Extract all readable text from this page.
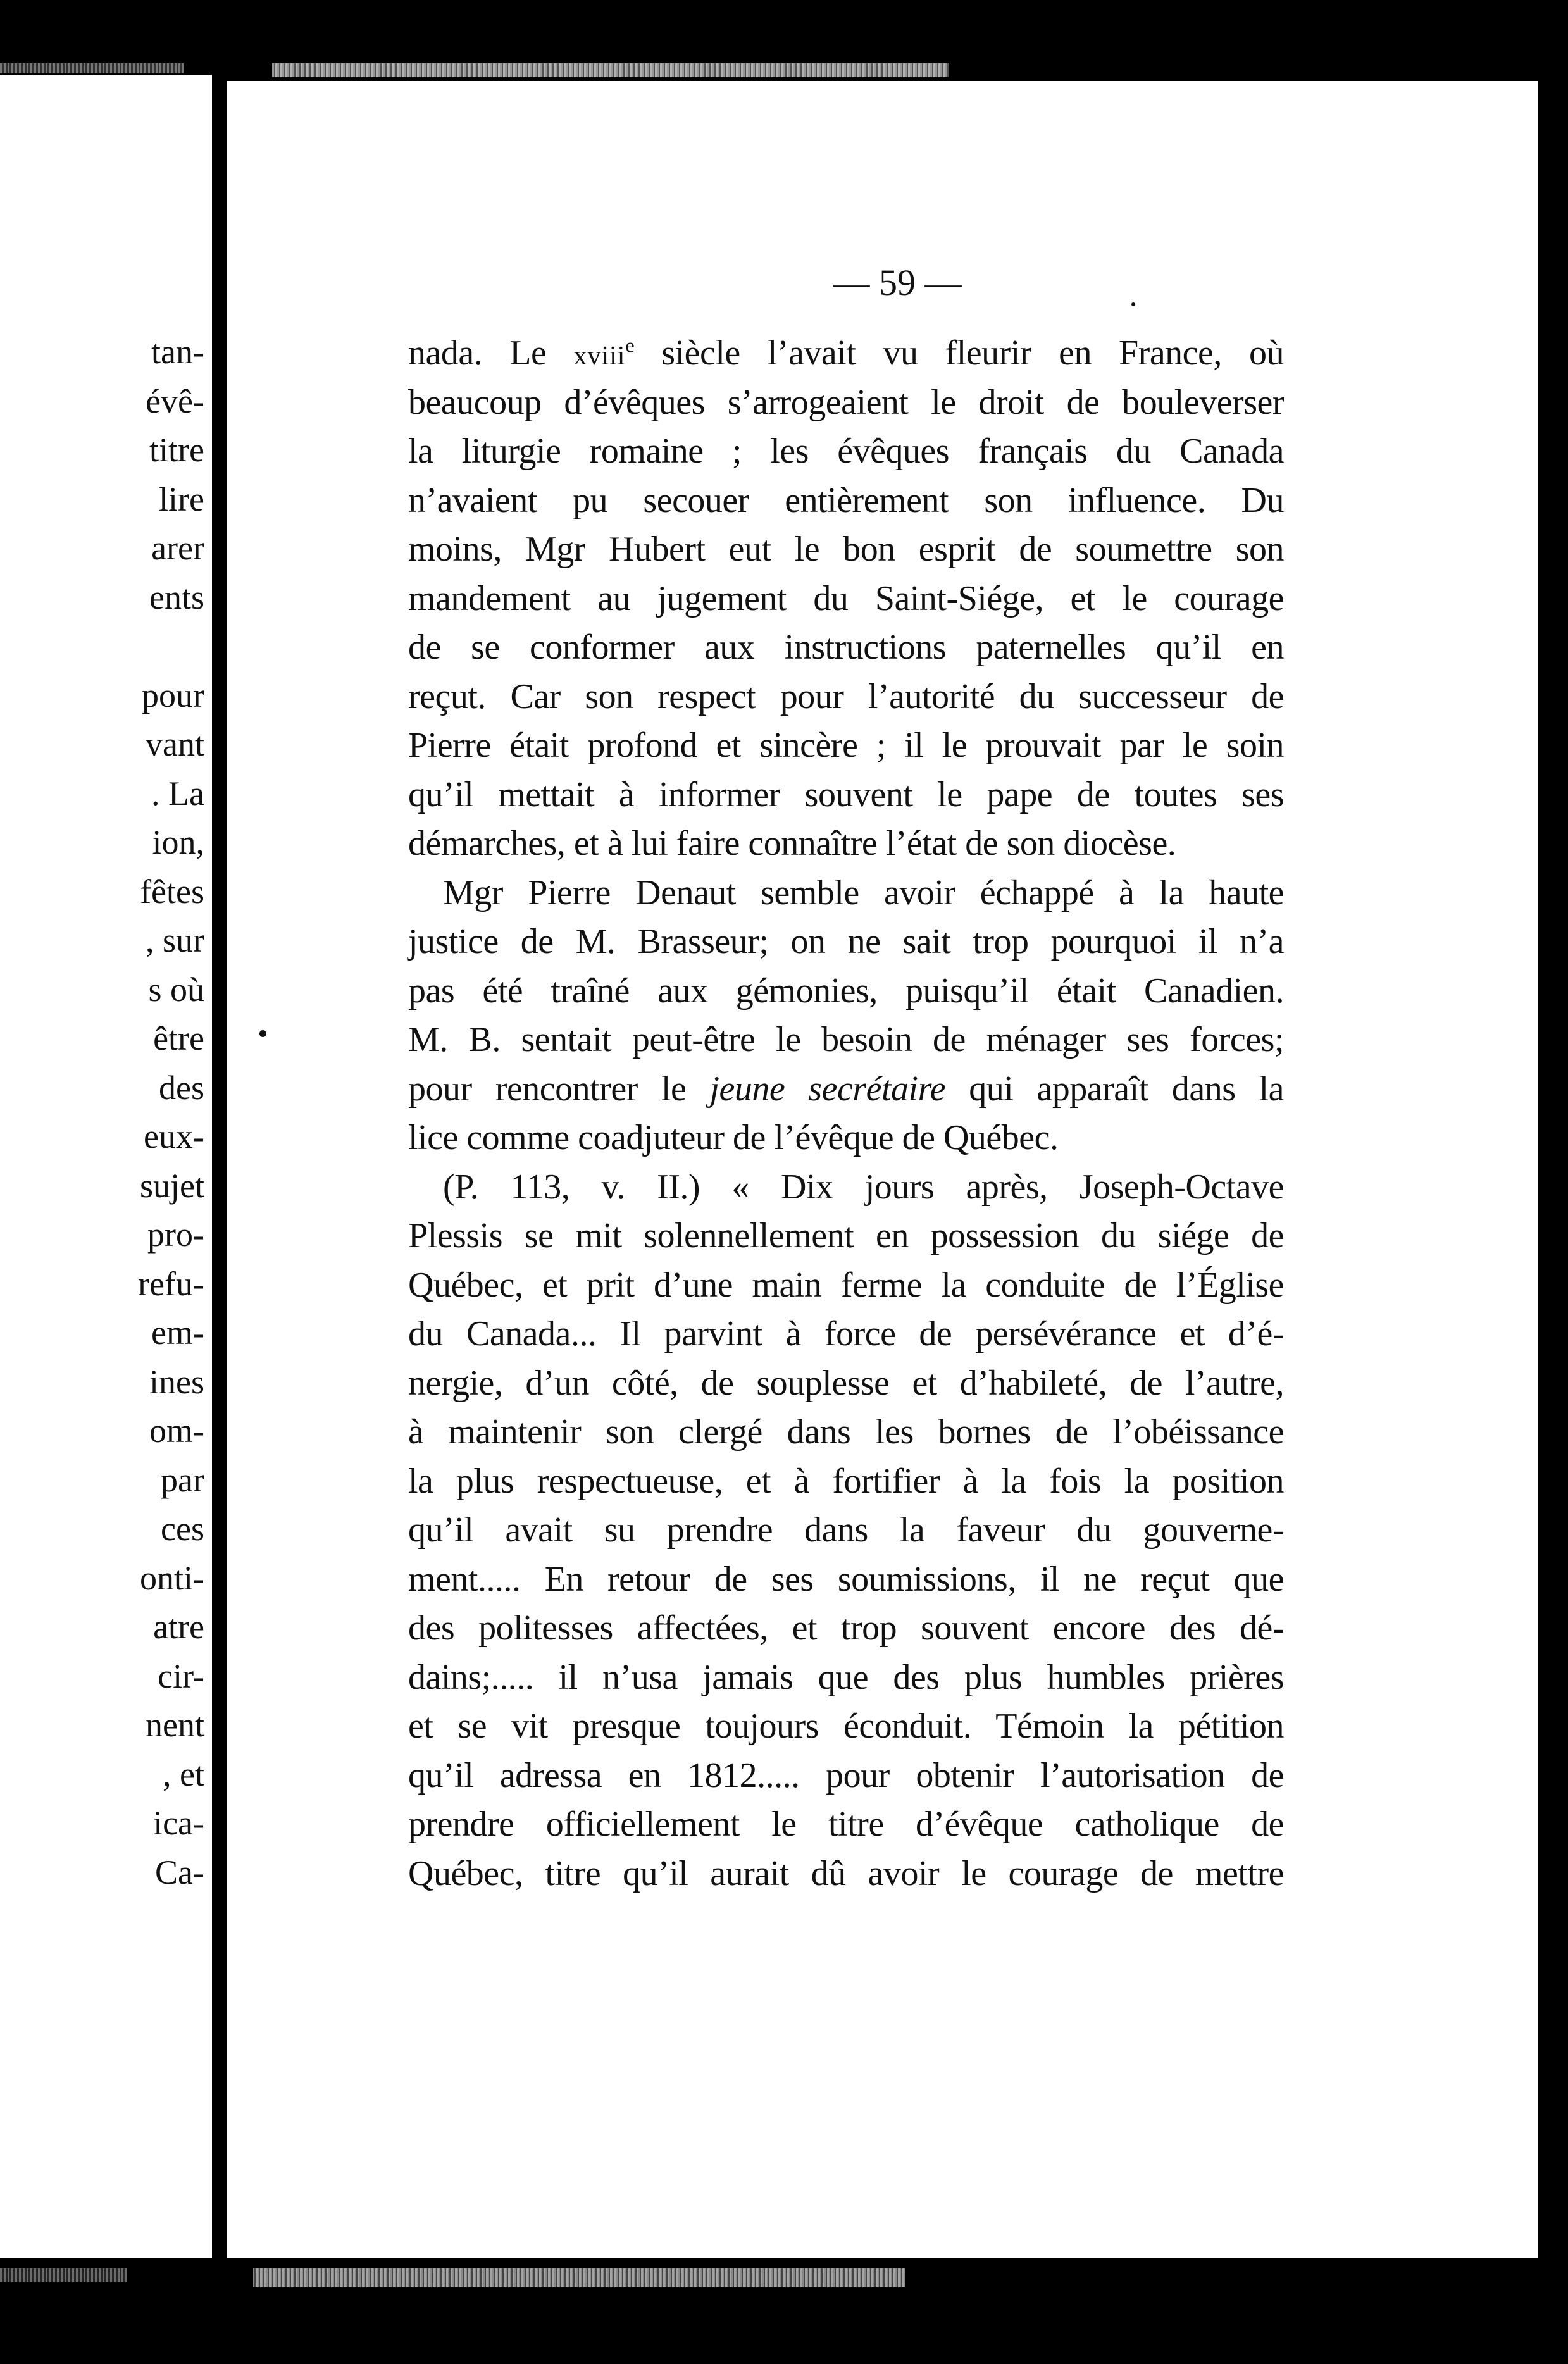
tan-
évê-
titre
lire
arer
ents
pour
vant
. La
ion,
fêtes
, sur
s où
être
des
eux-
sujet
pro-
refu-
em-
ines
om-
par
ces
onti-
atre
cir-
nent
, et
ica-
Ca-
— 59 —
nada. Le xviii$^e$ siècle l’avait vu fleurir en France, où
beaucoup d’évêques s’arrogeaient le droit de bouleverser
la liturgie romaine ; les évêques français du Canada
n’avaient pu secouer entièrement son influence. Du
moins, Mgr Hubert eut le bon esprit de soumettre son
mandement au jugement du Saint-Siége, et le courage
de se conformer aux instructions paternelles qu’il en
reçut. Car son respect pour l’autorité du successeur de
Pierre était profond et sincère ; il le prouvait par le soin
qu’il mettait à informer souvent le pape de toutes ses
démarches, et à lui faire connaître l’état de son diocèse.
Mgr Pierre Denaut semble avoir échappé à la haute
justice de M. Brasseur; on ne sait trop pourquoi il n’a
pas été traîné aux gémonies, puisqu’il était Canadien.
M. B. sentait peut-être le besoin de ménager ses forces;
pour rencontrer le jeune secrétaire qui apparaît dans la
lice comme coadjuteur de l’évêque de Québec.
(P. 113, v. II.) « Dix jours après, Joseph-Octave
Plessis se mit solennellement en possession du siége de
Québec, et prit d’une main ferme la conduite de l’Église
du Canada... Il parvint à force de persévérance et d’é-
nergie, d’un côté, de souplesse et d’habileté, de l’autre,
à maintenir son clergé dans les bornes de l’obéissance
la plus respectueuse, et à fortifier à la fois la position
qu’il avait su prendre dans la faveur du gouverne-
ment..... En retour de ses soumissions, il ne reçut que
des politesses affectées, et trop souvent encore des dé-
dains;..... il n’usa jamais que des plus humbles prières
et se vit presque toujours éconduit. Témoin la pétition
qu’il adressa en 1812..... pour obtenir l’autorisation de
prendre officiellement le titre d’évêque catholique de
Québec, titre qu’il aurait dû avoir le courage de mettre
